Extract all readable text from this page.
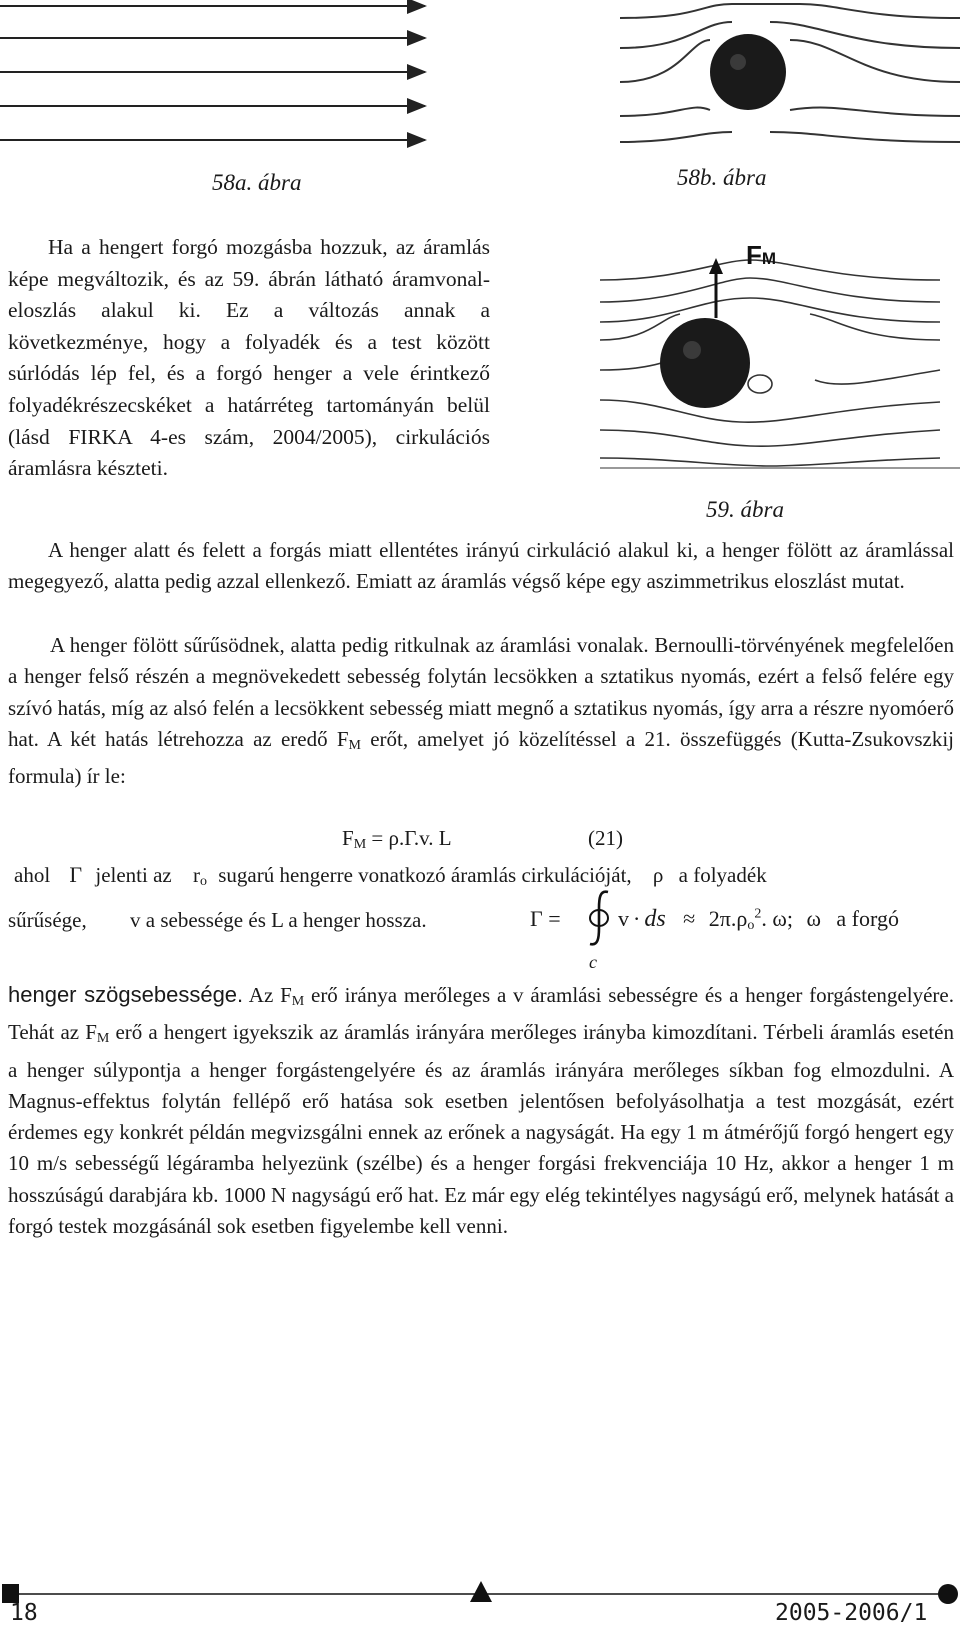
58a. ábra	58b. ábra
Ha a hengert forgó mozgásba hozzuk, az áramlás képe megváltozik, és az 59. ábrán látható áramvonal-eloszlás alakul ki. Ez a változás annak a következménye, hogy a folyadék és a test között súrlódás lép fel, és a forgó henger a vele érintkező folyadékrészecskéket a határréteg tartományán belül (lásd FIRKA 4-es szám, 2004/2005), cirkulációs áramlásra készteti.
FM
59. ábra
A henger alatt és felett a forgás miatt ellentétes irányú cirkuláció alakul ki, a henger fölött az áramlással megegyező, alatta pedig azzal ellenkező. Emiatt az áramlás végső képe egy aszimmetrikus eloszlást mutat.
A henger fölött sűrűsödnek, alatta pedig ritkulnak az áramlási vonalak. Bernoulli-törvényének megfelelően a henger felső részén a megnövekedett sebesség folytán lecsökken a sztatikus nyomás, ezért a felső felére egy szívó hatás, míg az alsó felén a lecsökkent sebesség miatt megnő a sztatikus nyomás, így arra a részre nyomóerő hat. A két hatás létrehozza az eredő $F_M$ erőt, amelyet jó közelítéssel a 21. összefüggés (Kutta-Zsukovszkij formula) ír le:
$F_M = \rho.\Gamma.v$. L	(21)
ahol Γ jelenti az $r_o$ sugarú hengerre vonatkozó áramlás cirkulációját, ρ a folyadék
sűrűsége, v a sebessége és L a henger hossza.	Γ =	v · ds ≈ $2\pi.\rho_o^2$. ω; ω a forgó
c
henger szögsebessége. Az $F_M$ erő iránya merőleges a v áramlási sebességre és a henger forgástengelyére. Tehát az $F_M$ erő a hengert igyekszik az áramlás irányára merőleges irányba kimozdítani. Térbeli áramlás esetén a henger súlypontja a henger forgástengelyére és az áramlás irányára merőleges síkban fog elmozdulni. A Magnus-effektus folytán fellépő erő hatása sok esetben jelentősen befolyásolhatja a test mozgását, ezért érdemes egy konkrét példán megvizsgálni ennek az erőnek a nagyságát. Ha egy 1 m átmérőjű forgó hengert egy 10 m/s sebességű légáramba helyezünk (szélbe) és a henger forgási frekvenciája 10 Hz, akkor a henger 1 m hosszúságú darabjára kb. 1000 N nagyságú erő hat. Ez már egy elég tekintélyes nagyságú erő, melynek hatását a forgó testek mozgásánál sok esetben figyelembe kell venni.
18	2005-2006/1
